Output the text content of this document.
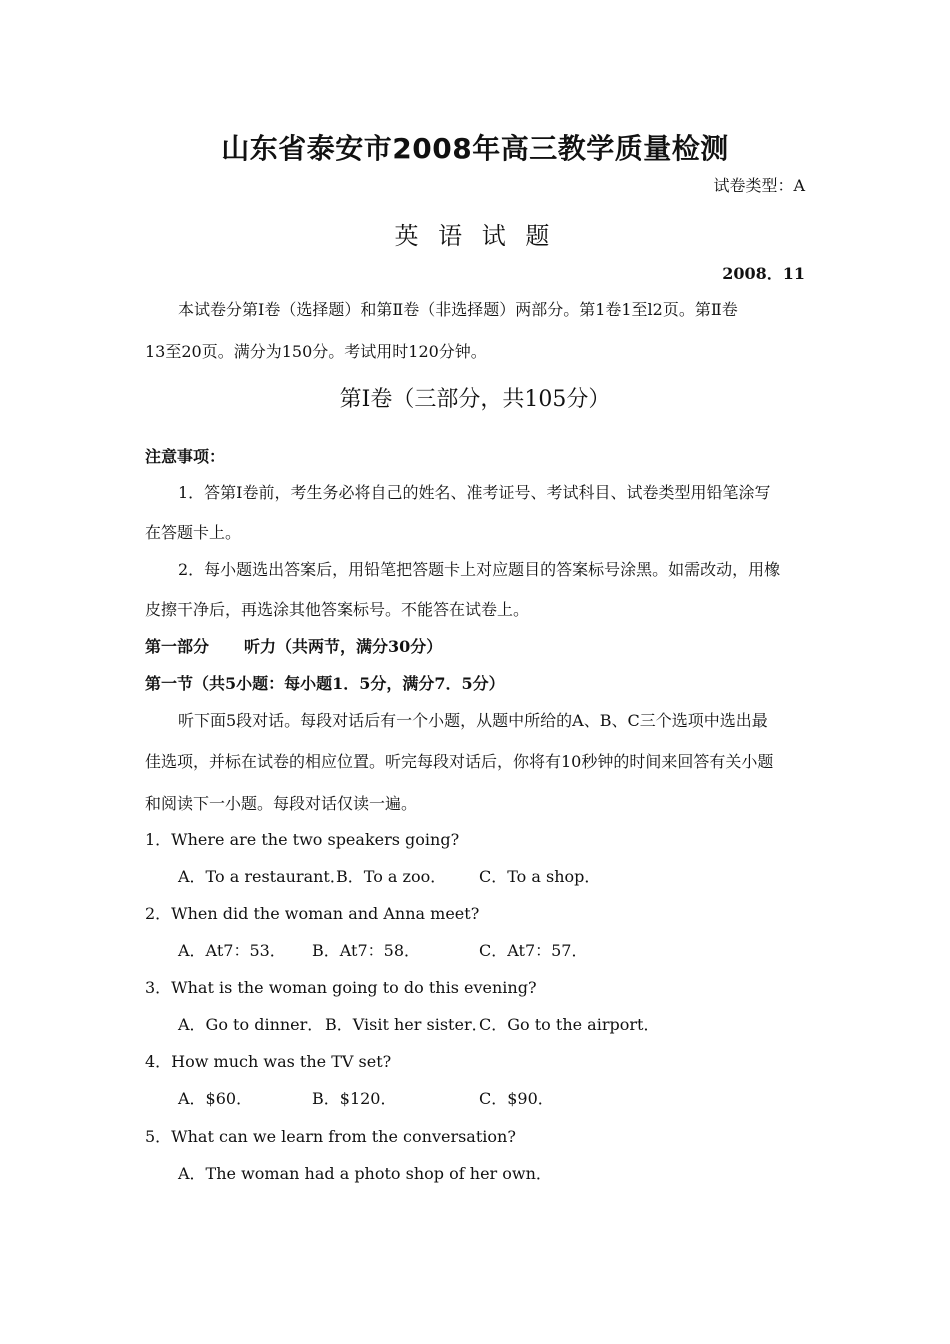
山东省泰安市2008年高三教学质量检测
试卷类型：A
英 语 试 题
2008．11
本试卷分第Ⅰ卷（选择题）和第Ⅱ卷（非选择题）两部分。第1卷1至l2页。第Ⅱ卷
13至20页。满分为150分。考试用时120分钟。
第Ⅰ卷（三部分，共105分）
注意事项：
1．答第Ⅰ卷前，考生务必将自己的姓名、准考证号、考试科目、试卷类型用铅笔涂写
在答题卡上。
2．每小题选出答案后，用铅笔把答题卡上对应题目的答案标号涂黑。如需改动，用橡
皮擦干净后，再选涂其他答案标号。不能答在试卷上。
第一部分 听力（共两节，满分30分）
第一节（共5小题：每小题1．5分，满分7．5分）
听下面5段对话。每段对话后有一个小题，从题中所给的A、B、C三个选项中选出最
佳选项，并标在试卷的相应位置。听完每段对话后，你将有10秒钟的时间来回答有关小题
和阅读下一小题。每段对话仅读一遍。
1．Where are the two speakers going?
A．To a restaurant．
B．To a zoo． C．To a shop．
2．When did the woman and Anna meet?
A．At7：53． B．At7：58．	C．At7：57．
3．What is the woman going to do this evening?
A．Go to dinner． B．Visit her sister．
C．Go to the airport．
4．How much was the TV set?
A．$60．	B．$120．	C．$90．
5．What can we learn from the conversation?
A．The woman had a photo shop of her own．
